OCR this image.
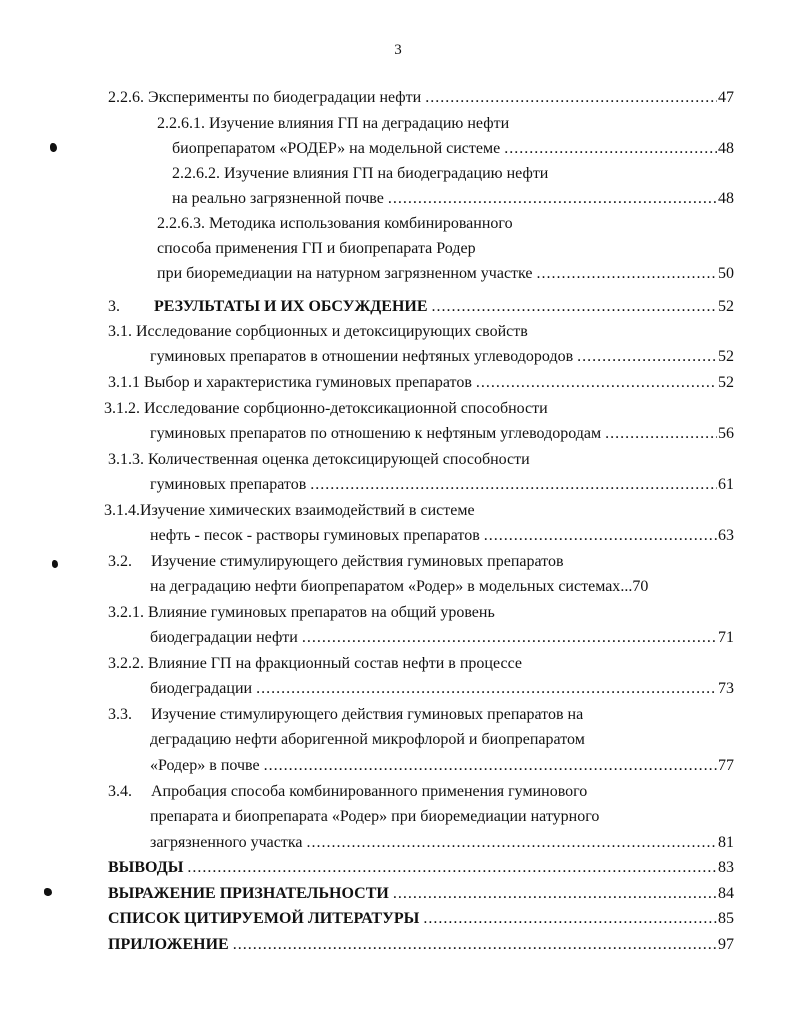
3
2.2.6. Эксперименты по биодеградации нефти	47
.....
2.2.6.1. Изучение влияния ГП на деградацию нефти
биопрепаратом «РОДЕР» на модельной системе	48
.....
2.2.6.2. Изучение влияния ГП на биодеградацию нефти
на реально загрязненной почве	48
.....
2.2.6.3. Методика использования комбинированного
способа применения ГП и биопрепарата Родер
при биоремедиации на натурном загрязненном участке	50
.....
3. РЕЗУЛЬТАТЫ И ИХ ОБСУЖДЕНИЕ	52
.....
3.1. Исследование сорбционных и детоксицирующих свойств
гуминовых препаратов в отношении нефтяных углеводородов	52
.....
3.1.1 Выбор и характеристика гуминовых препаратов	52
.....
3.1.2. Исследование сорбционно-детоксикационной способности
гуминовых препаратов по отношению к нефтяным углеводородам	56
.....
3.1.3. Количественная оценка детоксицирующей способности
гуминовых препаратов	61
.....
3.1.4.Изучение химических взаимодействий в системе
нефть - песок - растворы гуминовых препаратов	63
.....
3.2. Изучение стимулирующего действия гуминовых препаратов
на деградацию нефти биопрепаратом «Родер» в модельных системах...70
3.2.1. Влияние гуминовых препаратов на общий уровень
биодеградации нефти	71
.....
3.2.2. Влияние ГП на фракционный состав нефти в процессе
биодеградации	73
.....
3.3. Изучение стимулирующего действия гуминовых препаратов на
деградацию нефти аборигенной микрофлорой и биопрепаратом
«Родер» в почве	77
.....
3.4. Апробация способа комбинированного применения гуминового
препарата и биопрепарата «Родер» при биоремедиации натурного
загрязненного участка	81
.....
ВЫВОДЫ	83
.....
ВЫРАЖЕНИЕ ПРИЗНАТЕЛЬНОСТИ	84
.....
СПИСОК ЦИТИРУЕМОЙ ЛИТЕРАТУРЫ	85
.....
ПРИЛОЖЕНИЕ	97
.....
